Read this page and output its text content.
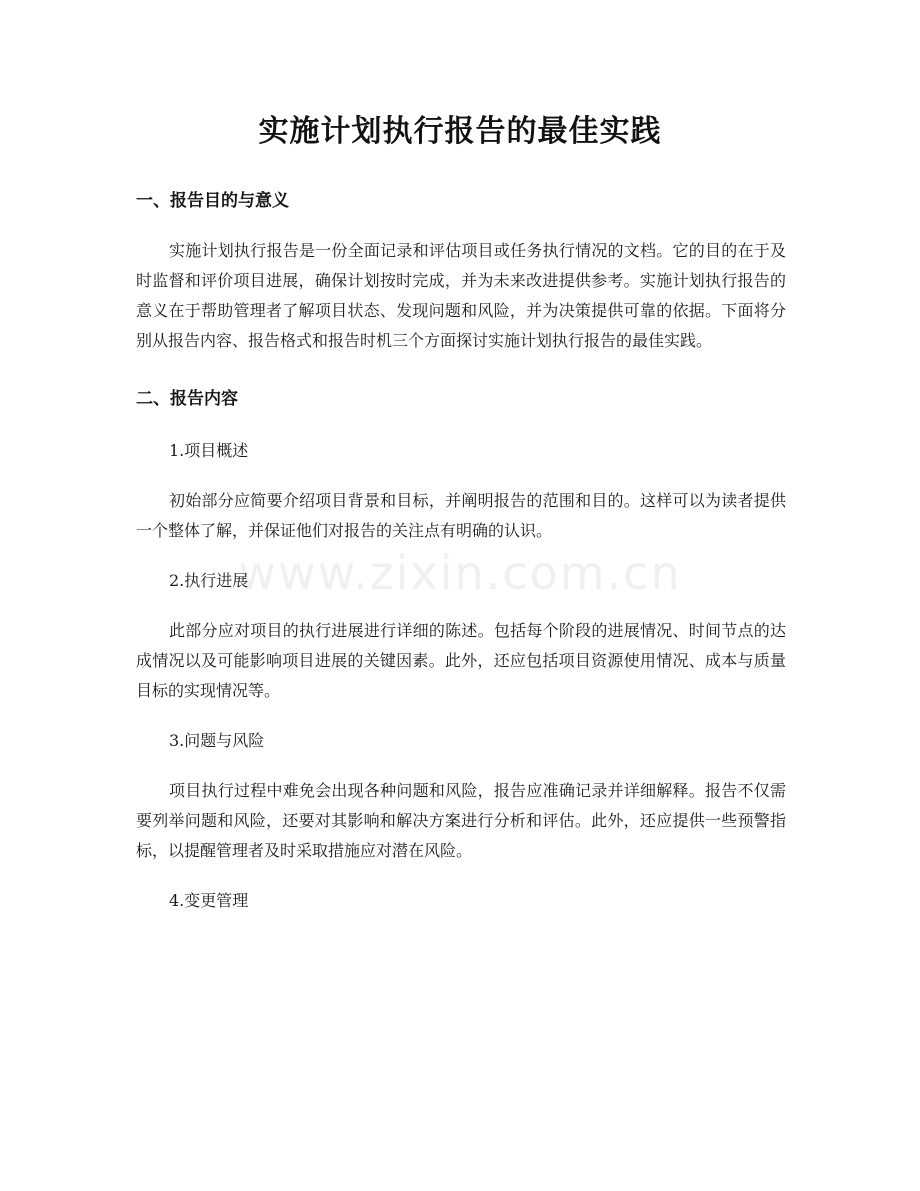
www.zixin.com.cn
实施计划执行报告的最佳实践
一、报告目的与意义

实施计划执行报告是一份全面记录和评估项目或任务执行情况的文档。它的目的在于及时监督和评价项目进展，确保计划按时完成，并为未来改进提供参考。实施计划执行报告的意义在于帮助管理者了解项目状态、发现问题和风险，并为决策提供可靠的依据。下面将分别从报告内容、报告格式和报告时机三个方面探讨实施计划执行报告的最佳实践。

二、报告内容

1.项目概述

初始部分应简要介绍项目背景和目标，并阐明报告的范围和目的。这样可以为读者提供一个整体了解，并保证他们对报告的关注点有明确的认识。

2.执行进展

此部分应对项目的执行进展进行详细的陈述。包括每个阶段的进展情况、时间节点的达成情况以及可能影响项目进展的关键因素。此外，还应包括项目资源使用情况、成本与质量目标的实现情况等。

3.问题与风险

项目执行过程中难免会出现各种问题和风险，报告应准确记录并详细解释。报告不仅需要列举问题和风险，还要对其影响和解决方案进行分析和评估。此外，还应提供一些预警指标，以提醒管理者及时采取措施应对潜在风险。

4.变更管理
